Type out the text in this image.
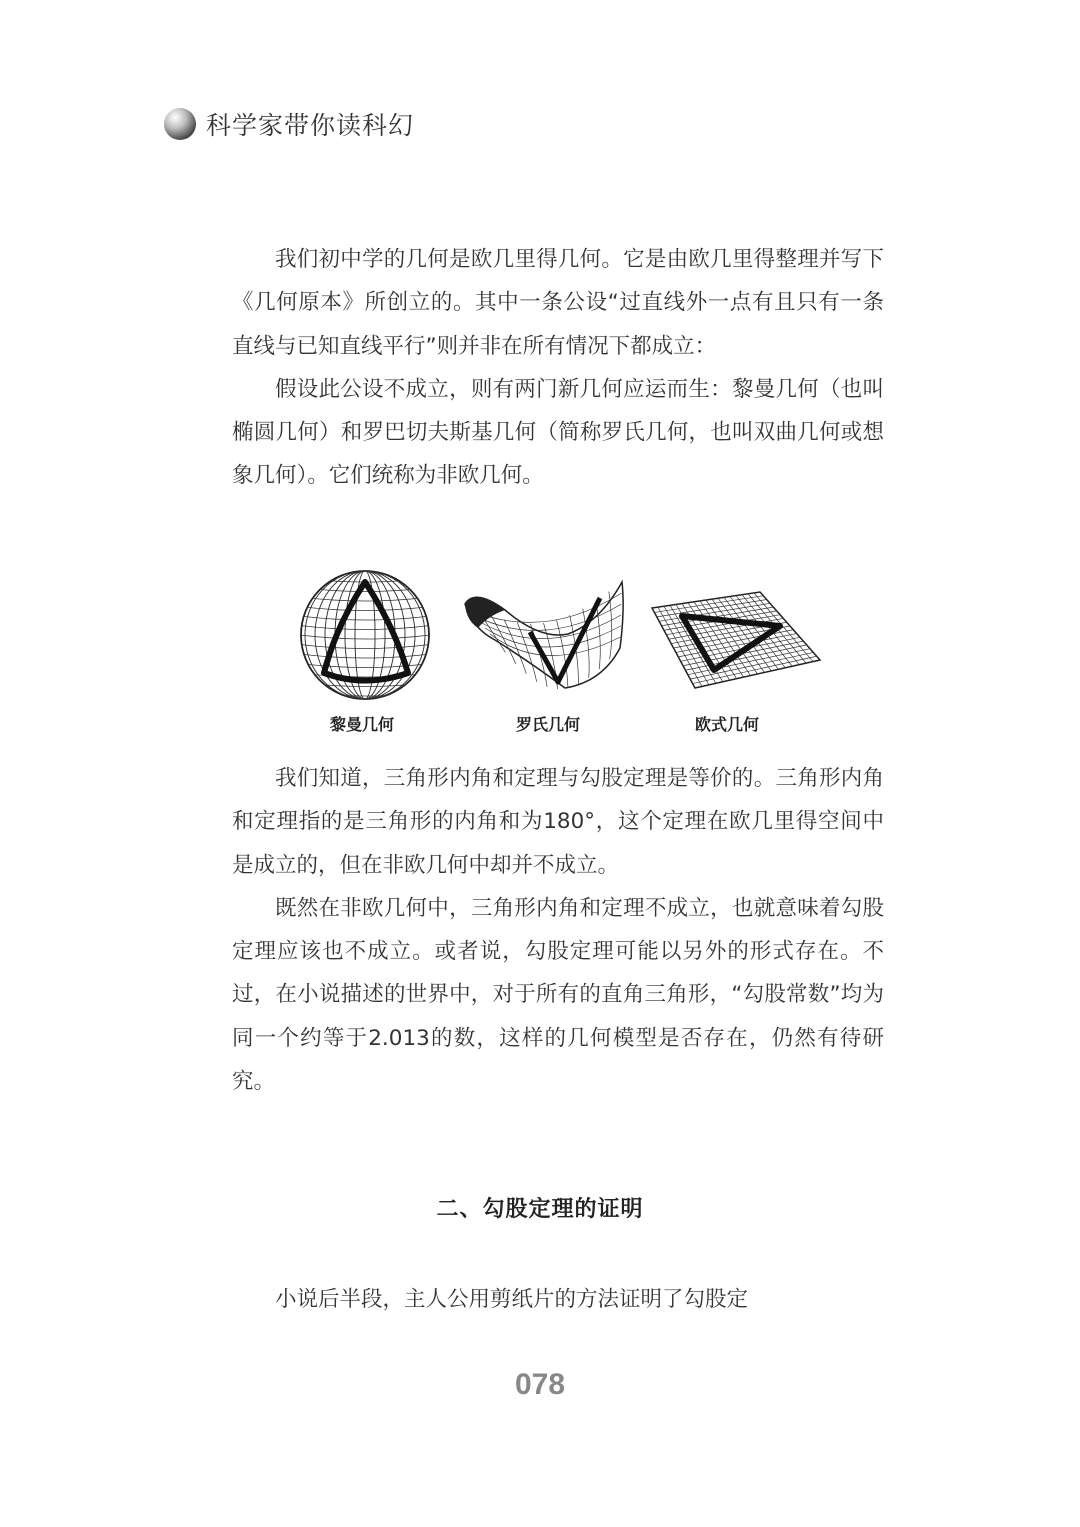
科学家带你读科幻

我们初中学的几何是欧几里得几何。它是由欧几里得整理并写下《几何原本》所创立的。其中一条公设“过直线外一点有且只有一条直线与已知直线平行”则并非在所有情况下都成立：

假设此公设不成立，则有两门新几何应运而生：黎曼几何（也叫椭圆几何）和罗巴切夫斯基几何（简称罗氏几何，也叫双曲几何或想象几何）。它们统称为非欧几何。

黎曼几何	罗氏几何	欧式几何

我们知道，三角形内角和定理与勾股定理是等价的。三角形内角和定理指的是三角形的内角和为180°，这个定理在欧几里得空间中是成立的，但在非欧几何中却并不成立。

既然在非欧几何中，三角形内角和定理不成立，也就意味着勾股定理应该也不成立。或者说，勾股定理可能以另外的形式存在。不过，在小说描述的世界中，对于所有的直角三角形，“勾股常数”均为同一个约等于2.013的数，这样的几何模型是否存在，仍然有待研究。

二、勾股定理的证明

小说后半段，主人公用剪纸片的方法证明了勾股定

078
